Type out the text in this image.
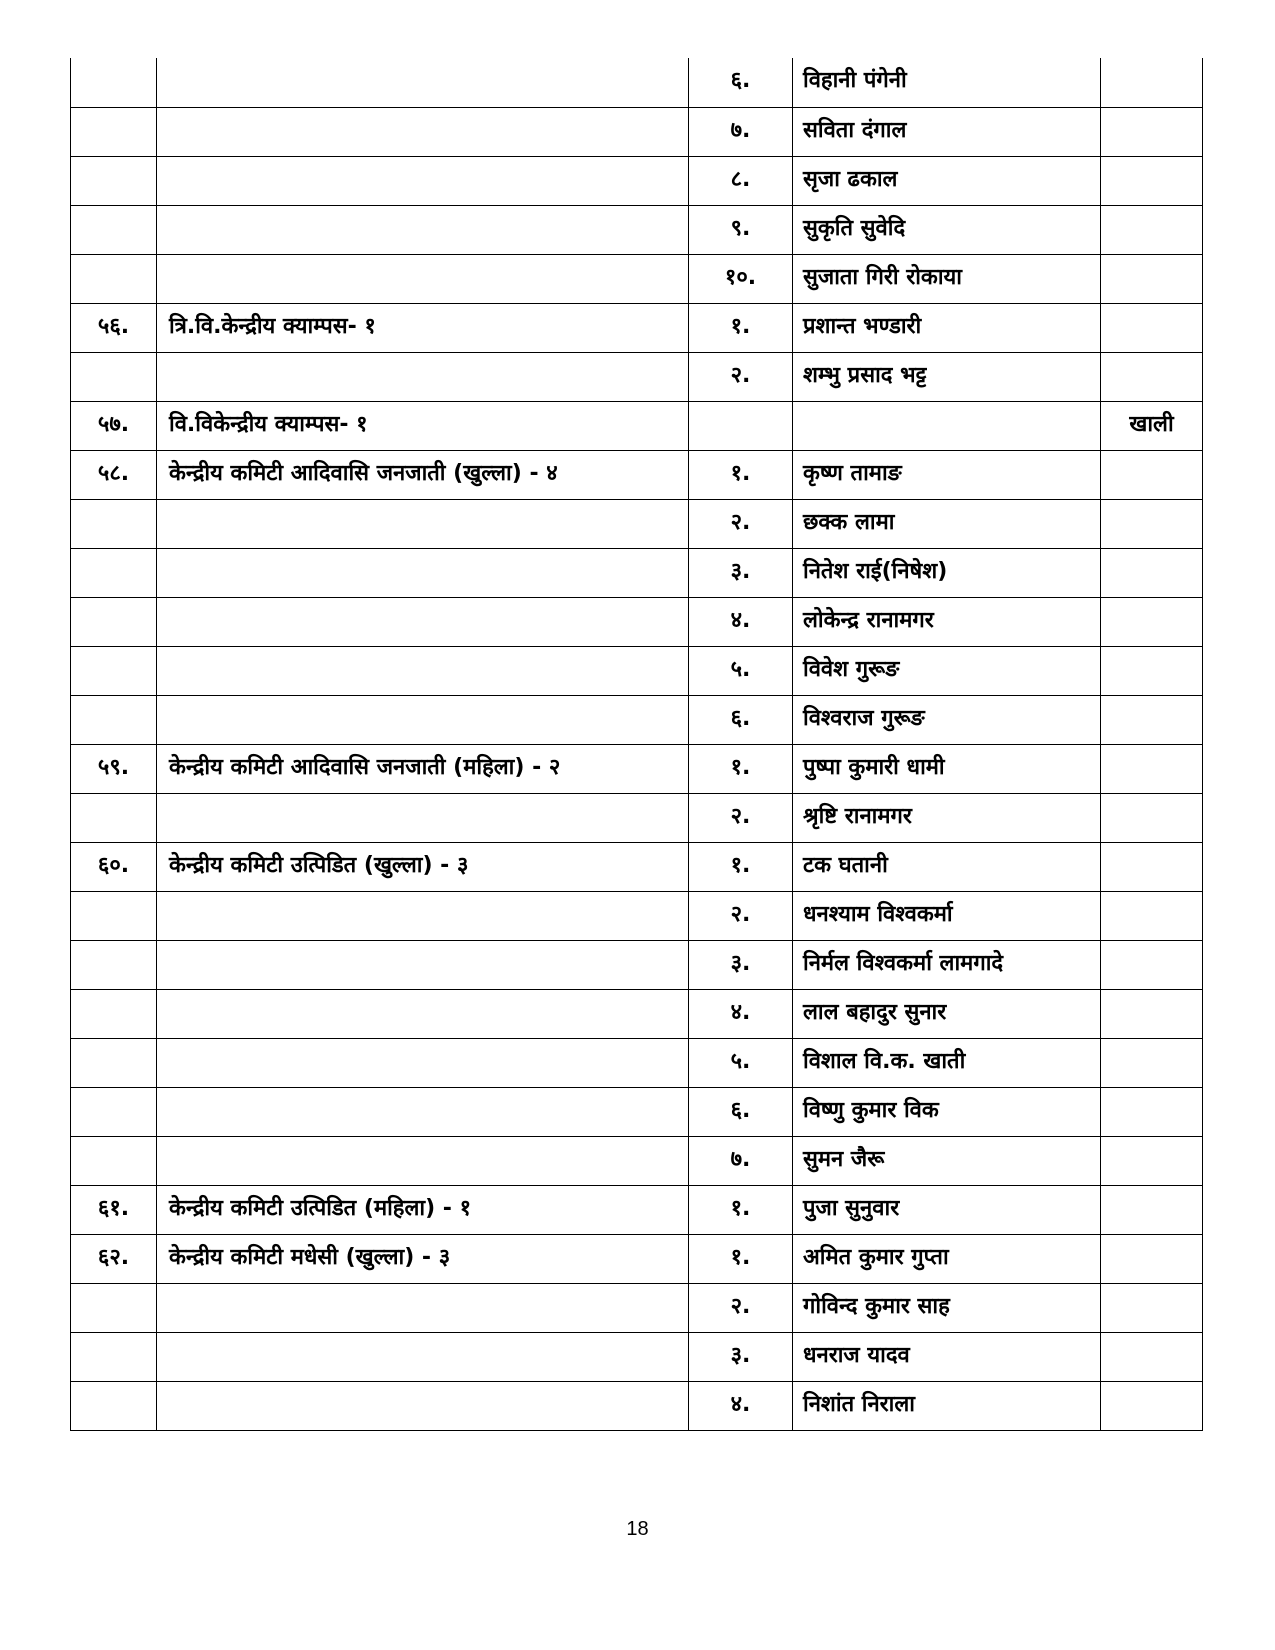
		६.	विहानी पंगेनी	
		७.	सविता दंगाल	
		८.	सृजा ढकाल	
		९.	सुकृति सुवेदि	
		१०.	सुजाता गिरी रोकाया	
५६.	त्रि.वि.केन्द्रीय क्याम्पस- १	१.	प्रशान्त भण्डारी	
		२.	शम्भु प्रसाद भट्ट	
५७.	वि.विकेन्द्रीय क्याम्पस- १			खाली
५८.	केन्द्रीय कमिटी आदिवासि जनजाती (खुल्ला) - ४	१.	कृष्ण तामाङ	
		२.	छक्क लामा	
		३.	नितेश राई(निषेश)	
		४.	लोकेन्द्र रानामगर	
		५.	विवेश गुरूङ	
		६.	विश्वराज गुरूङ	
५९.	केन्द्रीय कमिटी आदिवासि जनजाती (महिला) - २	१.	पुष्पा कुमारी धामी	
		२.	श्रृष्टि रानामगर	
६०.	केन्द्रीय कमिटी उत्पिडित (खुल्ला) - ३	१.	टक घतानी	
		२.	धनश्याम विश्वकर्मा	
		३.	निर्मल विश्वकर्मा लामगादे	
		४.	लाल बहादुर सुनार	
		५.	विशाल वि.क. खाती	
		६.	विष्णु कुमार विक	
		७.	सुमन जैरू	
६१.	केन्द्रीय कमिटी उत्पिडित (महिला) - १	१.	पुजा सुनुवार	
६२.	केन्द्रीय कमिटी मधेसी (खुल्ला) - ३	१.	अमित कुमार गुप्ता	
		२.	गोविन्द कुमार साह	
		३.	धनराज यादव	
		४.	निशांत निराला	
18
